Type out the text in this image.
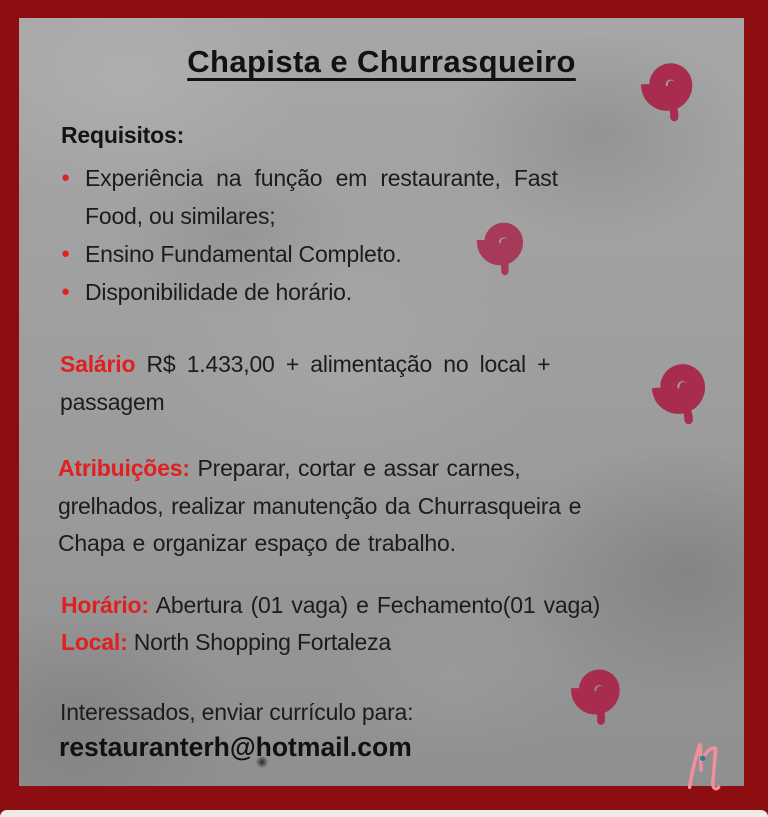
Chapista e Churrasqueiro
Requisitos:
● Experiência na função em restaurante, Fast
Food, ou similares;
● Ensino Fundamental Completo.
● Disponibilidade de horário.
Salário R$ 1.433,00 + alimentação no local +
passagem
Atribuições: Preparar, cortar e assar carnes,
grelhados, realizar manutenção da Churrasqueira e
Chapa e organizar espaço de trabalho.
Horário: Abertura (01 vaga) e Fechamento(01 vaga)
Local: North Shopping Fortaleza
Interessados, enviar currículo para:
restauranterh@hotmail.com
